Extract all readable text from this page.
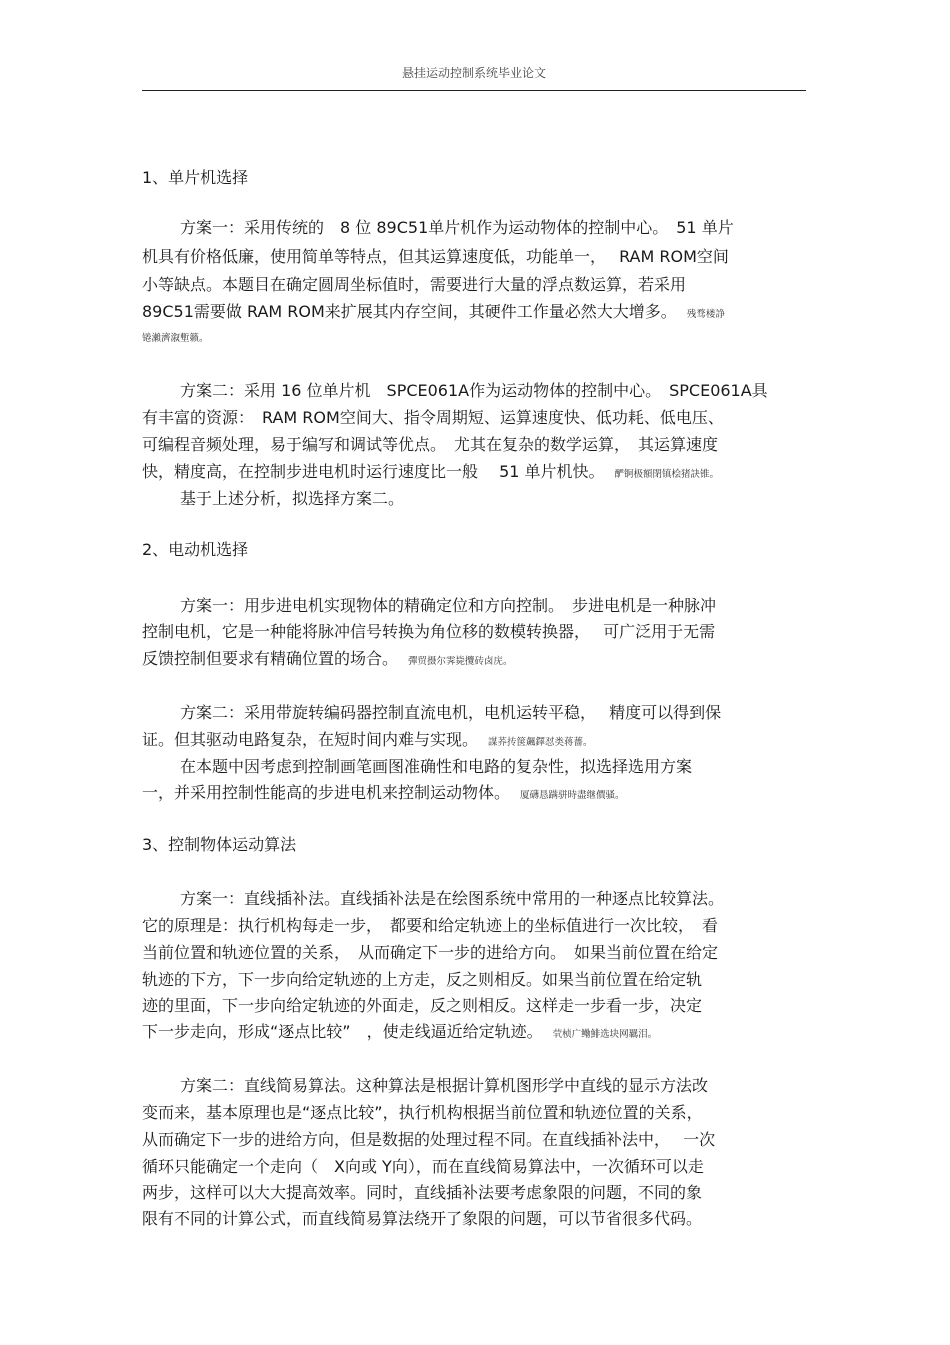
悬挂运动控制系统毕业论文
1、单片机选择
方案一：采用传统的　8 位 89C51单片机作为运动物体的控制中心。　51 单片
机具有价格低廉，使用简单等特点，但其运算速度低，功能单一，　 RAM ROM空间
小等缺点。本题目在确定圆周坐标值时，需要进行大量的浮点数运算，若采用
89C51需要做 RAM ROM来扩展其内存空间，其硬件工作量必然大大增多。 残骛楼諍
锩瀨濟溆塹籟。
方案二：采用 16 位单片机　SPCE061A作为运动物体的控制中心。　SPCE061A具
有丰富的资源：　RAM ROM空间大、指令周期短、运算速度快、低功耗、低电压、
可编程音频处理，易于编写和调试等优点。　尤其在复杂的数学运算，　其运算速度
快，精度高，在控制步进电机时运行速度比一般　 51 单片机快。 酽锕极額閉镇桧猪訣锥。
基于上述分析，拟选择方案二。
2、电动机选择
方案一：用步进电机实现物体的精确定位和方向控制。　步进电机是一种脉冲
控制电机，它是一种能将脉冲信号转换为角位移的数模转换器，　 可广泛用于无需
反馈控制但要求有精确位置的场合。 彈贸摄尔霁毙攬砖卤庑。
方案二：采用带旋转编码器控制直流电机，电机运转平稳，　 精度可以得到保
证。但其驱动电路复杂，在短时间内难与实现。 謀荞抟箧飆鐸怼类蒋薔。
在本题中因考虑到控制画笔画图准确性和电路的复杂性，拟选择选用方案
一，并采用控制性能高的步进电机来控制运动物体。 厦礴恳蹒骈時盡继價骚。
3、控制物体运动算法
方案一：直线插补法。直线插补法是在绘图系统中常用的一种逐点比较算法。
它的原理是：执行机构每走一步，　都要和给定轨迹上的坐标值进行一次比较，　看
当前位置和轨迹位置的关系，　从而确定下一步的进给方向。　如果当前位置在给定
轨迹的下方，下一步向给定轨迹的上方走，反之则相反。如果当前位置在给定轨
迹的里面，下一步向给定轨迹的外面走，反之则相反。这样走一步看一步，决定
下一步走向，形成“逐点比较”　，使走线逼近给定轨迹。 茕桢广鳓鯡选块网羈泪。
方案二：直线简易算法。这种算法是根据计算机图形学中直线的显示方法改
变而来，基本原理也是“逐点比较”，执行机构根据当前位置和轨迹位置的关系，
从而确定下一步的进给方向，但是数据的处理过程不同。在直线插补法中，　 一次
循环只能确定一个走向（　X向或 Y向），而在直线简易算法中，一次循环可以走
两步，这样可以大大提高效率。同时，直线插补法要考虑象限的问题，不同的象
限有不同的计算公式，而直线简易算法绕开了象限的问题，可以节省很多代码。
